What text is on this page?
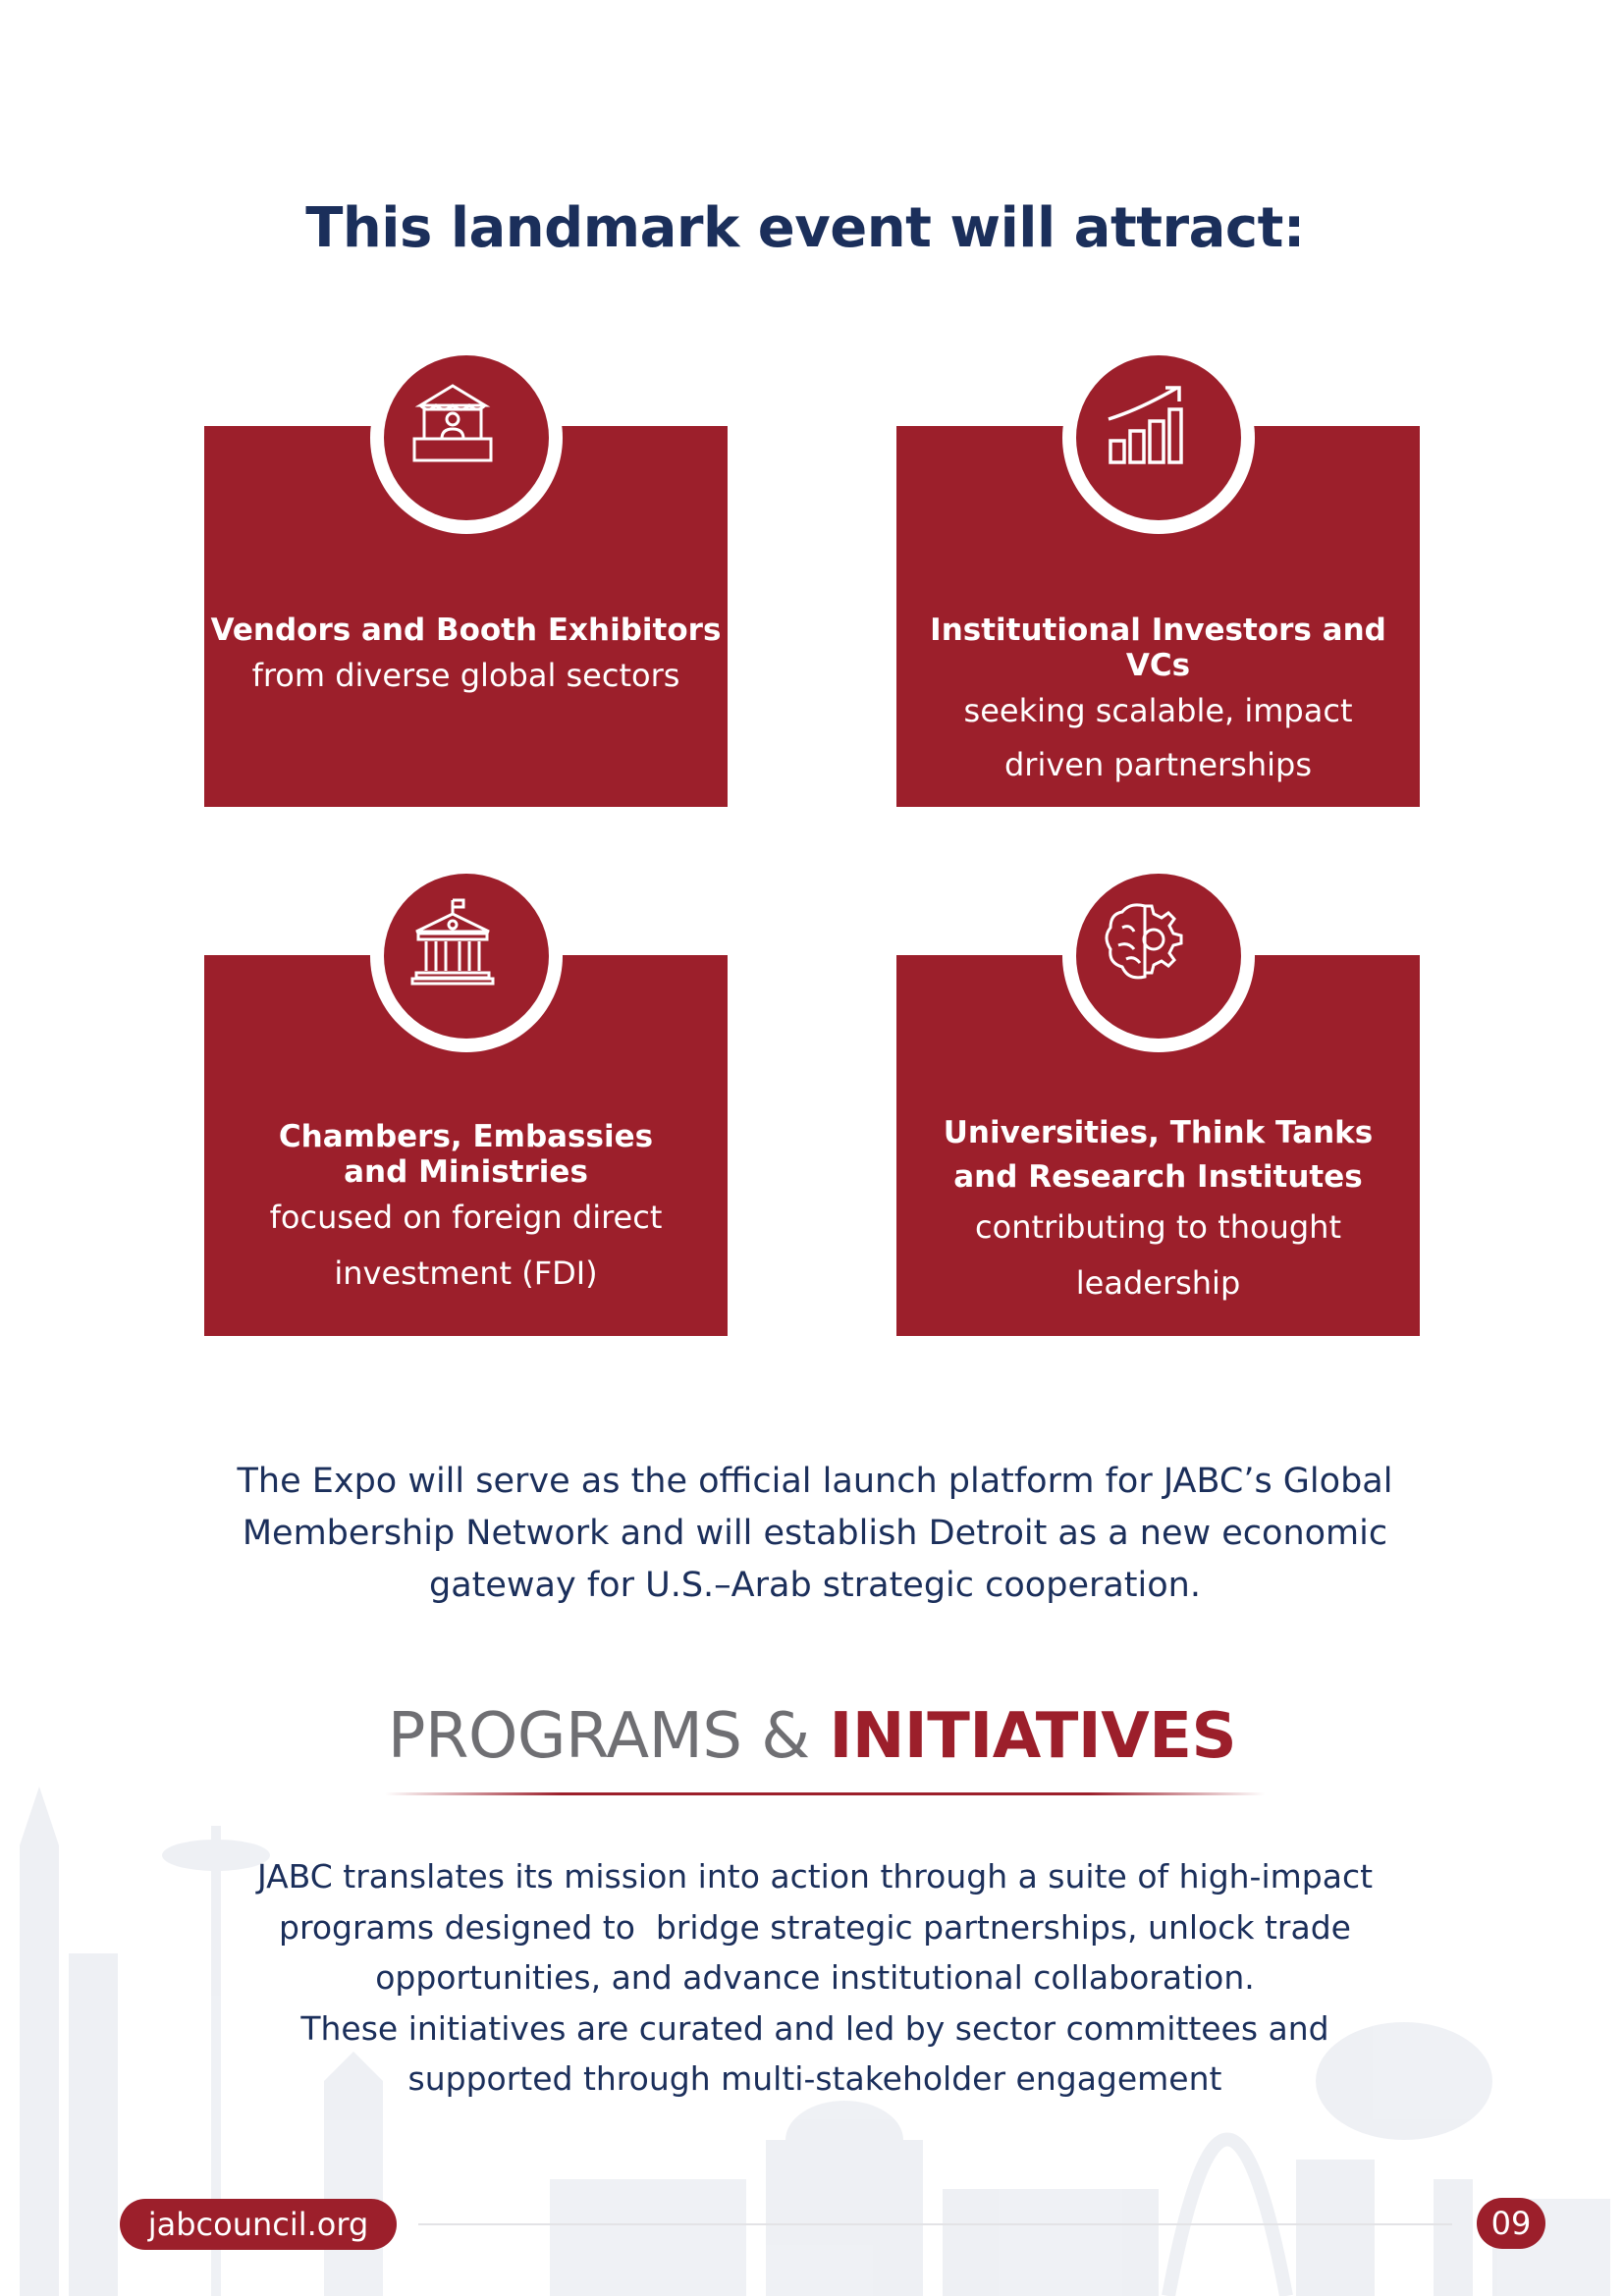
This landmark event will attract:
Vendors and Booth Exhibitors
from diverse global sectors
Institutional Investors and VCs
seeking scalable, impact
driven partnerships
Chambers, Embassies
and Ministries
focused on foreign direct
investment (FDI)
Universities, Think Tanks
and Research Institutes
contributing to thought
leadership
The Expo will serve as the official launch platform for JABC’s Global
Membership Network and will establish Detroit as a new economic
gateway for U.S.–Arab strategic cooperation.
PROGRAMS & INITIATIVES
JABC translates its mission into action through a suite of high-impact
programs designed to  bridge strategic partnerships, unlock trade
opportunities, and advance institutional collaboration.
These initiatives are curated and led by sector committees and
supported through multi-stakeholder engagement
jabcouncil.org	09
